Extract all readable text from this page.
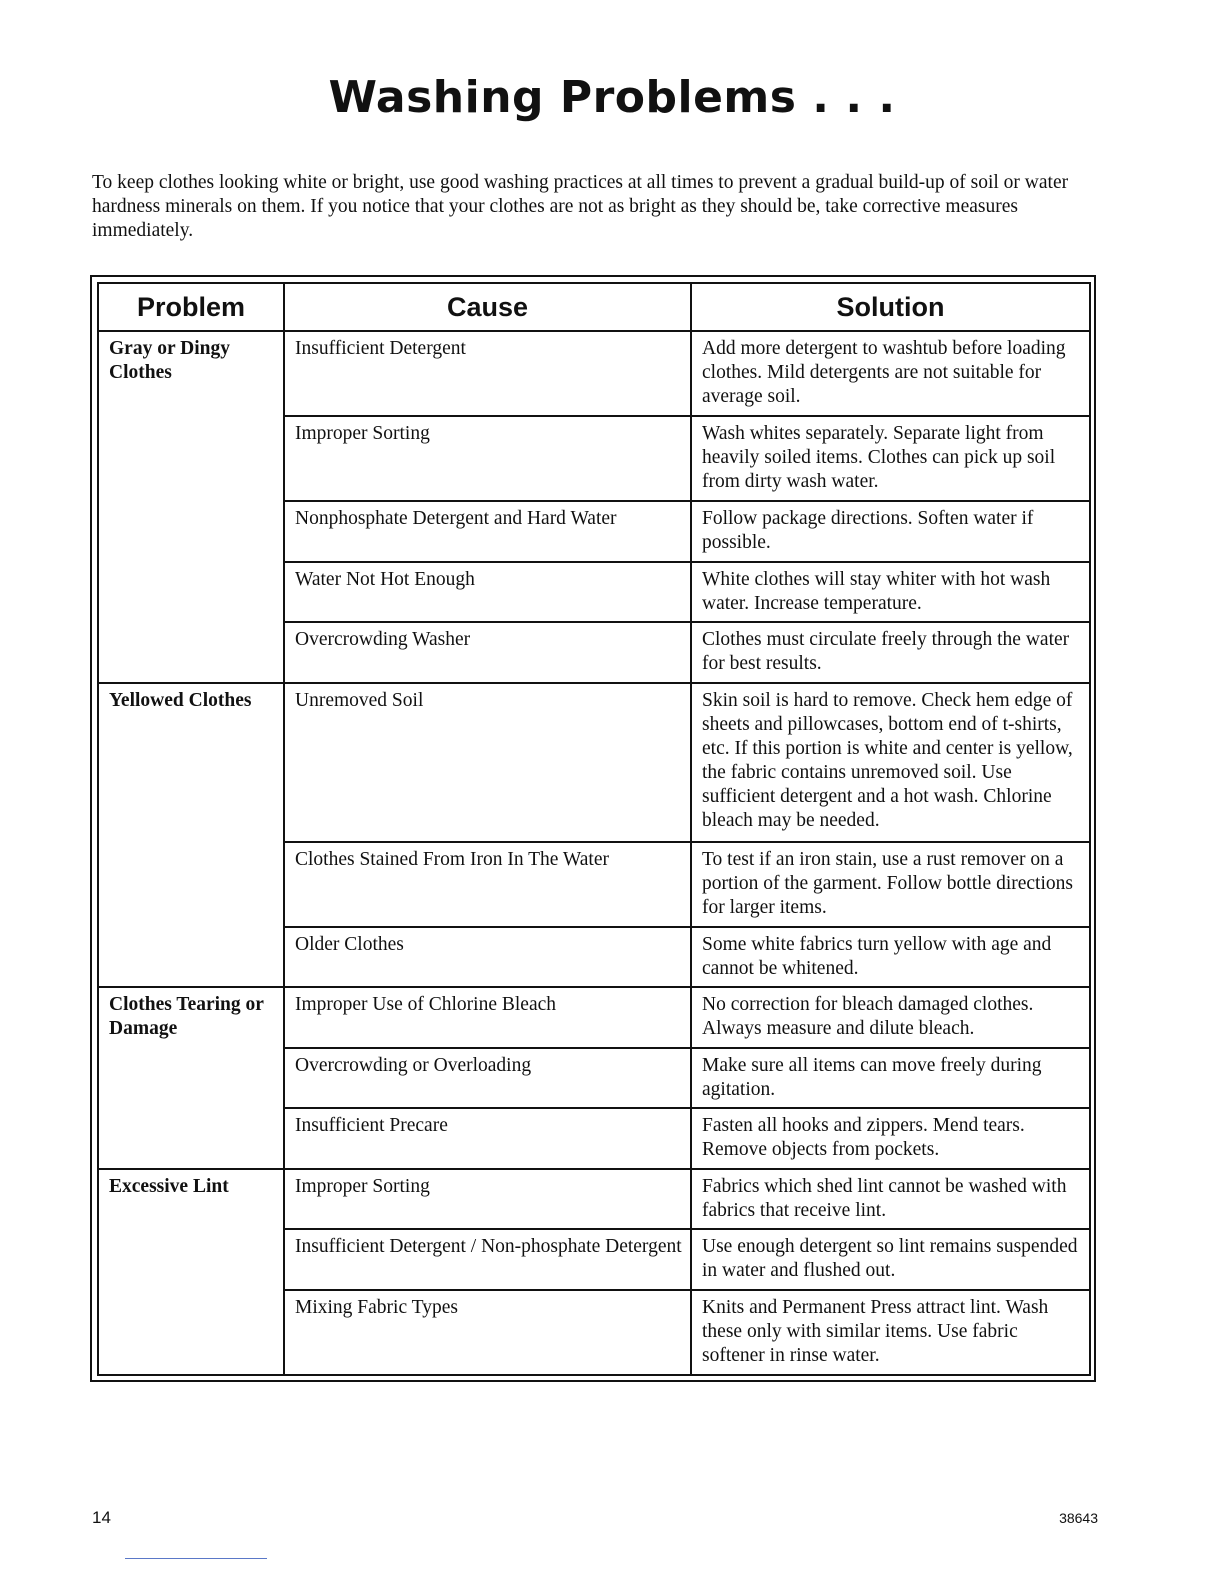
Washing Problems . . .
To keep clothes looking white or bright, use good washing practices at all times to prevent a gradual build-up of soil or water hardness minerals on them. If you notice that your clothes are not as bright as they should be, take corrective measures immediately.
Problem	Cause	Solution
Gray or Dingy Clothes	Insufficient Detergent	Add more detergent to washtub before loading clothes. Mild detergents are not suitable for average soil.
	Improper Sorting	Wash whites separately. Separate light from heavily soiled items. Clothes can pick up soil from dirty wash water.
	Nonphosphate Detergent and Hard Water	Follow package directions. Soften water if possible.
	Water Not Hot Enough	White clothes will stay whiter with hot wash water. Increase temperature.
	Overcrowding Washer	Clothes must circulate freely through the water for best results.
Yellowed Clothes	Unremoved Soil	Skin soil is hard to remove. Check hem edge of sheets and pillowcases, bottom end of t-shirts, etc. If this portion is white and center is yellow, the fabric contains unremoved soil. Use sufficient detergent and a hot wash. Chlorine bleach may be needed.
	Clothes Stained From Iron In The Water	To test if an iron stain, use a rust remover on a portion of the garment. Follow bottle directions for larger items.
	Older Clothes	Some white fabrics turn yellow with age and cannot be whitened.
Clothes Tearing or Damage	Improper Use of Chlorine Bleach	No correction for bleach damaged clothes. Always measure and dilute bleach.
	Overcrowding or Overloading	Make sure all items can move freely during agitation.
	Insufficient Precare	Fasten all hooks and zippers. Mend tears. Remove objects from pockets.
Excessive Lint	Improper Sorting	Fabrics which shed lint cannot be washed with fabrics that receive lint.
	Insufficient Detergent / Non-phosphate Detergent	Use enough detergent so lint remains suspended in water and flushed out.
	Mixing Fabric Types	Knits and Permanent Press attract lint. Wash these only with similar items. Use fabric softener in rinse water.
14	38643
